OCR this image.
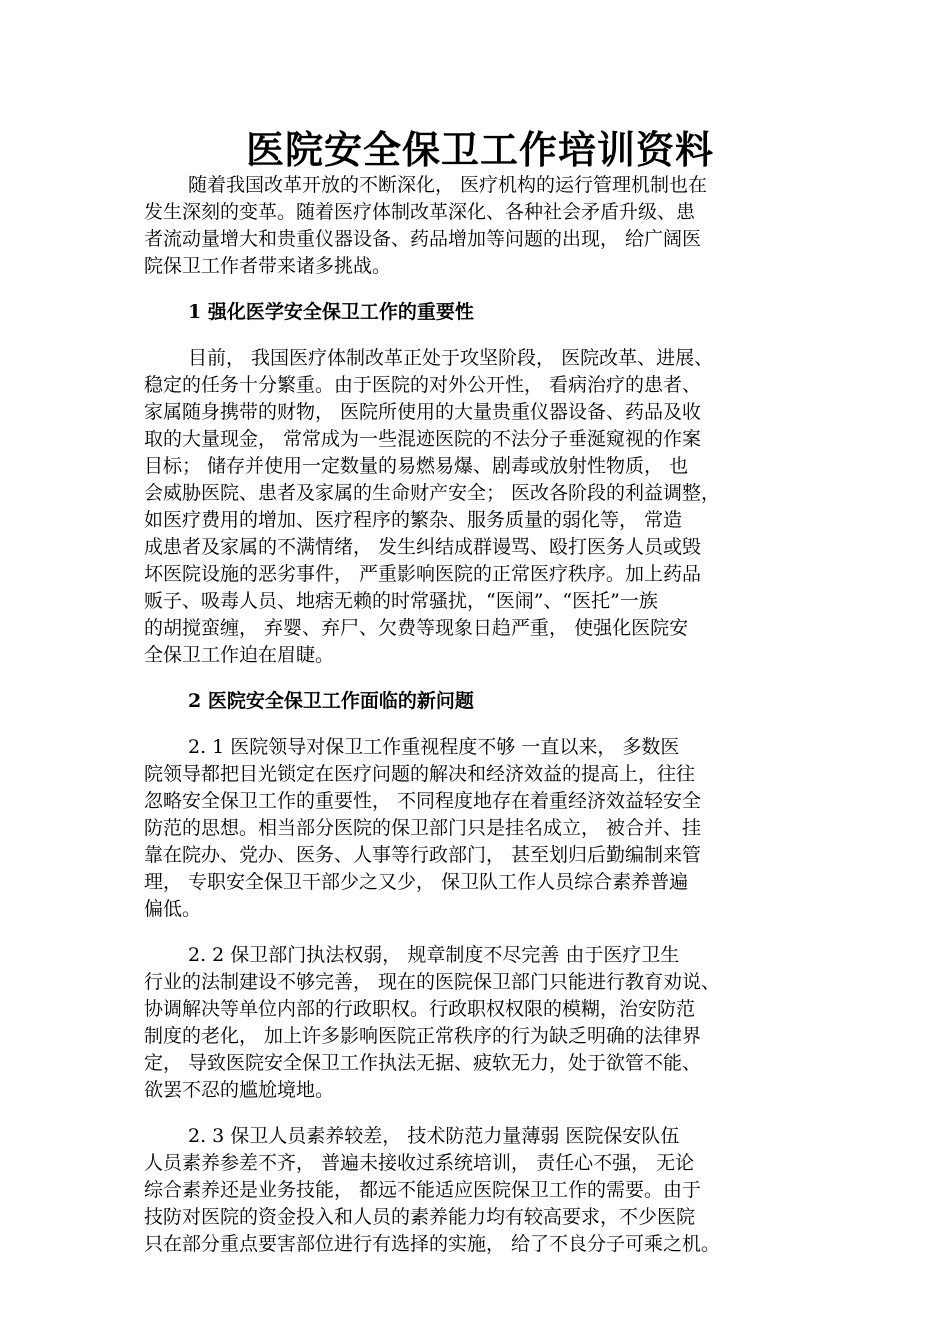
医院安全保卫工作培训资料
随着我国改革开放的不断深化， 医疗机构的运行管理机制也在
发生深刻的变革。随着医疗体制改革深化、各种社会矛盾升级、患
者流动量增大和贵重仪器设备、药品增加等问题的出现， 给广阔医
院保卫工作者带来诸多挑战。
1 强化医学安全保卫工作的重要性
目前， 我国医疗体制改革正处于攻坚阶段， 医院改革、进展、
稳定的任务十分繁重。由于医院的对外公开性， 看病治疗的患者、
家属随身携带的财物， 医院所使用的大量贵重仪器设备、药品及收
取的大量现金， 常常成为一些混迹医院的不法分子垂涎窥视的作案
目标； 储存并使用一定数量的易燃易爆、剧毒或放射性物质， 也
会威胁医院、患者及家属的生命财产安全； 医改各阶段的利益调整，
如医疗费用的增加、医疗程序的繁杂、服务质量的弱化等， 常造
成患者及家属的不满情绪， 发生纠结成群谩骂、殴打医务人员或毁
坏医院设施的恶劣事件， 严重影响医院的正常医疗秩序。加上药品
贩子、吸毒人员、地痞无赖的时常骚扰，“医闹”、“医托”一族
的胡搅蛮缠， 弃婴、弃尸、欠费等现象日趋严重， 使强化医院安
全保卫工作迫在眉睫。
2 医院安全保卫工作面临的新问题
2. 1 医院领导对保卫工作重视程度不够 一直以来， 多数医
院领导都把目光锁定在医疗问题的解决和经济效益的提高上，往往
忽略安全保卫工作的重要性， 不同程度地存在着重经济效益轻安全
防范的思想。相当部分医院的保卫部门只是挂名成立， 被合并、挂
靠在院办、党办、医务、人事等行政部门， 甚至划归后勤编制来管
理， 专职安全保卫干部少之又少， 保卫队工作人员综合素养普遍
偏低。
2. 2 保卫部门执法权弱， 规章制度不尽完善 由于医疗卫生
行业的法制建设不够完善， 现在的医院保卫部门只能进行教育劝说、
协调解决等单位内部的行政职权。行政职权权限的模糊，治安防范
制度的老化， 加上许多影响医院正常秩序的行为缺乏明确的法律界
定， 导致医院安全保卫工作执法无据、疲软无力，处于欲管不能、
欲罢不忍的尴尬境地。
2. 3 保卫人员素养较差， 技术防范力量薄弱 医院保安队伍
人员素养参差不齐， 普遍未接收过系统培训， 责任心不强， 无论
综合素养还是业务技能， 都远不能适应医院保卫工作的需要。由于
技防对医院的资金投入和人员的素养能力均有较高要求，不少医院
只在部分重点要害部位进行有选择的实施， 给了不良分子可乘之机。
